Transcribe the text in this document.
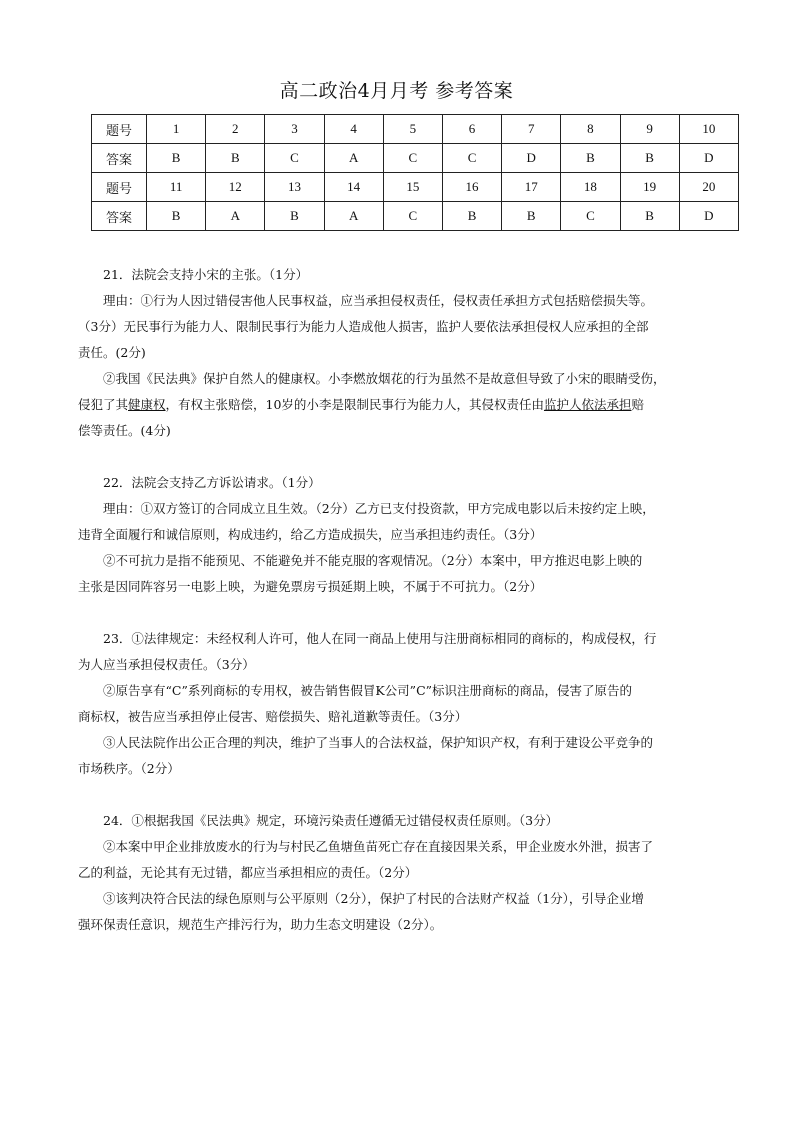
高二政治4月月考 参考答案
题号	1	2	3	4	5	6	7	8	9	10
答案	B	B	C	A	C	C	D	B	B	D
题号	11	12	13	14	15	16	17	18	19	20
答案	B	A	B	A	C	B	B	C	B	D

21．法院会支持小宋的主张。（1分）

理由：①行为人因过错侵害他人民事权益，应当承担侵权责任，侵权责任承担方式包括赔偿损失等。

（3分）无民事行为能力人、限制民事行为能力人造成他人损害，监护人要依法承担侵权人应承担的全部

责任。(2分)

②我国《民法典》保护自然人的健康权。小李燃放烟花的行为虽然不是故意但导致了小宋的眼睛受伤，

侵犯了其健康权，有权主张赔偿，10岁的小李是限制民事行为能力人，其侵权责任由监护人依法承担赔

偿等责任。(4分)

22．法院会支持乙方诉讼请求。（1分）

理由：①双方签订的合同成立且生效。（2分）乙方已支付投资款，甲方完成电影以后未按约定上映，

违背全面履行和诚信原则，构成违约，给乙方造成损失，应当承担违约责任。（3分）

②不可抗力是指不能预见、不能避免并不能克服的客观情况。（2分）本案中，甲方推迟电影上映的

主张是因同阵容另一电影上映，为避免票房亏损延期上映，不属于不可抗力。（2分）

23．①法律规定：未经权利人许可，他人在同一商品上使用与注册商标相同的商标的，构成侵权，行

为人应当承担侵权责任。（3分）

②原告享有“C”系列商标的专用权，被告销售假冒K公司”C”标识注册商标的商品，侵害了原告的

商标权，被告应当承担停止侵害、赔偿损失、赔礼道歉等责任。（3分）

③人民法院作出公正合理的判决，维护了当事人的合法权益，保护知识产权，有利于建设公平竞争的

市场秩序。（2分）

24．①根据我国《民法典》规定，环境污染责任遵循无过错侵权责任原则。（3分）

②本案中甲企业排放废水的行为与村民乙鱼塘鱼苗死亡存在直接因果关系，甲企业废水外泄，损害了

乙的利益，无论其有无过错，都应当承担相应的责任。（2分）

③该判决符合民法的绿色原则与公平原则（2分），保护了村民的合法财产权益（1分），引导企业增

强环保责任意识，规范生产排污行为，助力生态文明建设（2分）。
